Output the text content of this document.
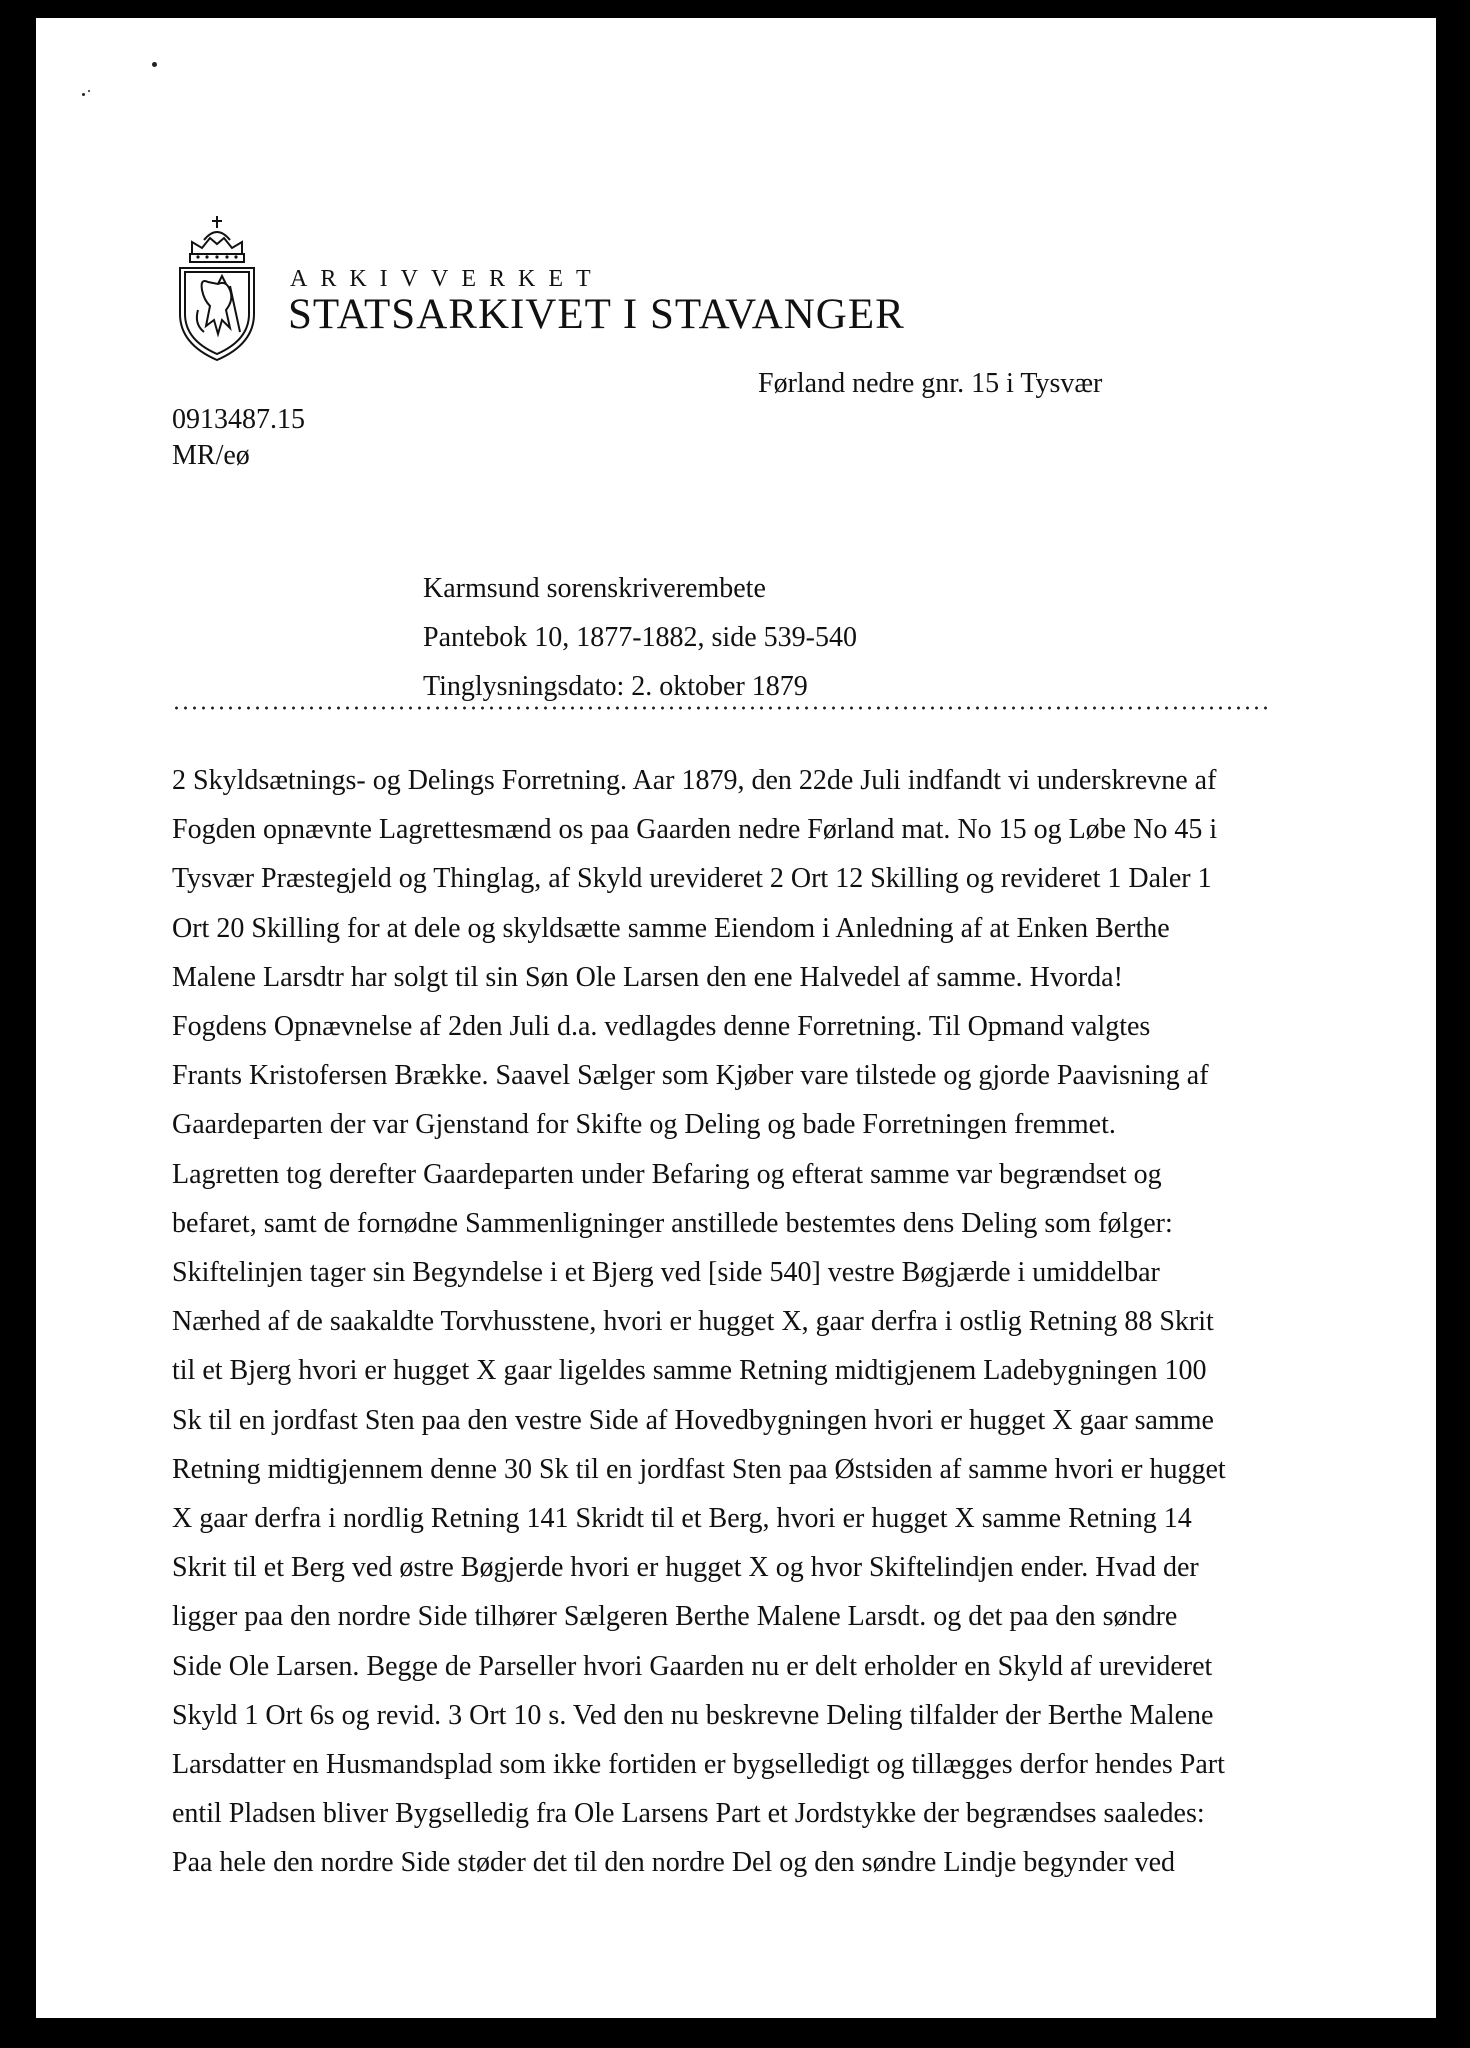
ARKIVVERKET
STATSARKIVET I STAVANGER
Førland nedre gnr. 15 i Tysvær
0913487.15
MR/eø
Karmsund sorenskriverembete
Pantebok 10, 1877-1882, side 539-540
Tinglysningsdato: 2. oktober 1879
2 Skyldsætnings- og Delings Forretning. Aar 1879, den 22de Juli indfandt vi underskrevne af
Fogden opnævnte Lagrettesmænd os paa Gaarden nedre Førland mat. No 15 og Løbe No 45 i
Tysvær Præstegjeld og Thinglag, af Skyld urevideret 2 Ort 12 Skilling og revideret 1 Daler 1
Ort 20 Skilling for at dele og skyldsætte samme Eiendom i Anledning af at Enken Berthe
Malene Larsdtr har solgt til sin Søn Ole Larsen den ene Halvedel af samme. Hvorda!
Fogdens Opnævnelse af 2den Juli d.a. vedlagdes denne Forretning. Til Opmand valgtes
Frants Kristofersen Brække. Saavel Sælger som Kjøber vare tilstede og gjorde Paavisning af
Gaardeparten der var Gjenstand for Skifte og Deling og bade Forretningen fremmet.
Lagretten tog derefter Gaardeparten under Befaring og efterat samme var begrændset og
befaret, samt de fornødne Sammenligninger anstillede bestemtes dens Deling som følger:
Skiftelinjen tager sin Begyndelse i et Bjerg ved [side 540] vestre Bøgjærde i umiddelbar
Nærhed af de saakaldte Torvhusstene, hvori er hugget X, gaar derfra i ostlig Retning 88 Skrit
til et Bjerg hvori er hugget X gaar ligeldes samme Retning midtigjenem Ladebygningen 100
Sk til en jordfast Sten paa den vestre Side af Hovedbygningen hvori er hugget X gaar samme
Retning midtigjennem denne 30 Sk til en jordfast Sten paa Østsiden af samme hvori er hugget
X gaar derfra i nordlig Retning 141 Skridt til et Berg, hvori er hugget X samme Retning 14
Skrit til et Berg ved østre Bøgjerde hvori er hugget X og hvor Skiftelindjen ender. Hvad der
ligger paa den nordre Side tilhører Sælgeren Berthe Malene Larsdt. og det paa den søndre
Side Ole Larsen. Begge de Parseller hvori Gaarden nu er delt erholder en Skyld af urevideret
Skyld 1 Ort 6s og revid. 3 Ort 10 s. Ved den nu beskrevne Deling tilfalder der Berthe Malene
Larsdatter en Husmandsplad som ikke fortiden er bygselledigt og tillægges derfor hendes Part
entil Pladsen bliver Bygselledig fra Ole Larsens Part et Jordstykke der begrændses saaledes:
Paa hele den nordre Side støder det til den nordre Del og den søndre Lindje begynder ved
